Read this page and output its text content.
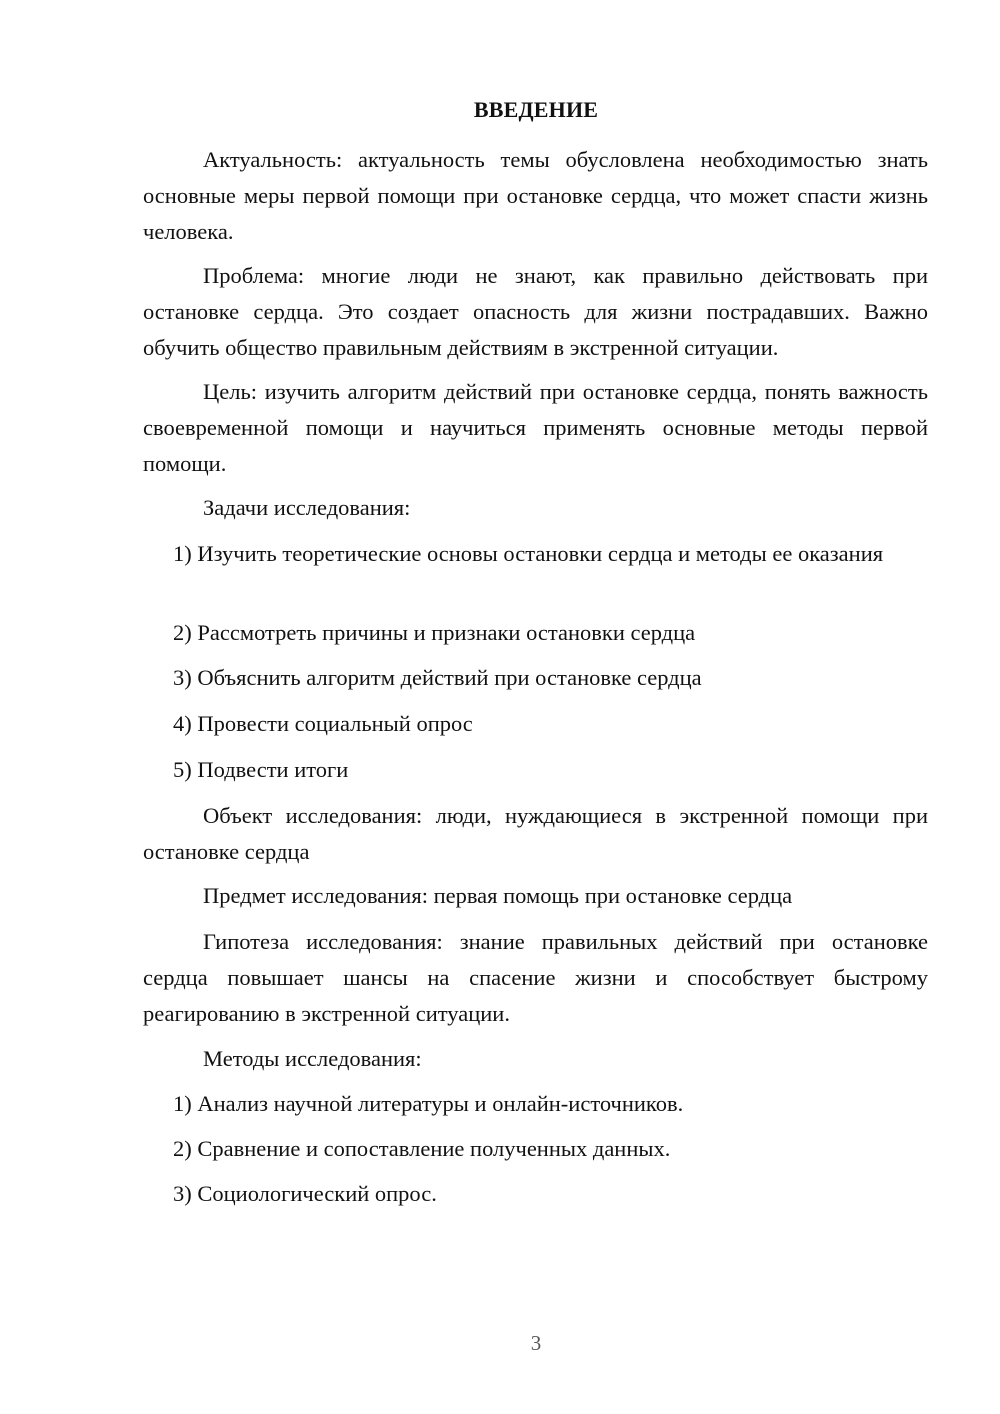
ВВЕДЕНИЕ

Актуальность: актуальность темы обусловлена необходимостью знать основные меры первой помощи при остановке сердца, что может спасти жизнь человека.

Проблема: многие люди не знают, как правильно действовать при остановке сердца. Это создает опасность для жизни пострадавших. Важно обучить общество правильным действиям в экстренной ситуации.

Цель: изучить алгоритм действий при остановке сердца, понять важность своевременной помощи и научиться применять основные методы первой помощи.

Задачи исследования:

1) Изучить теоретические основы остановки сердца и методы ее оказания

2) Рассмотреть причины и признаки остановки сердца

3) Объяснить алгоритм действий при остановке сердца

4) Провести социальный опрос

5) Подвести итоги

Объект исследования: люди, нуждающиеся в экстренной помощи при остановке сердца

Предмет исследования: первая помощь при остановке сердца

Гипотеза исследования: знание правильных действий при остановке сердца повышает шансы на спасение жизни и способствует быстрому реагированию в экстренной ситуации.

Методы исследования:

1) Анализ научной литературы и онлайн-источников.

2) Сравнение и сопоставление полученных данных.

3) Социологический опрос.

3
